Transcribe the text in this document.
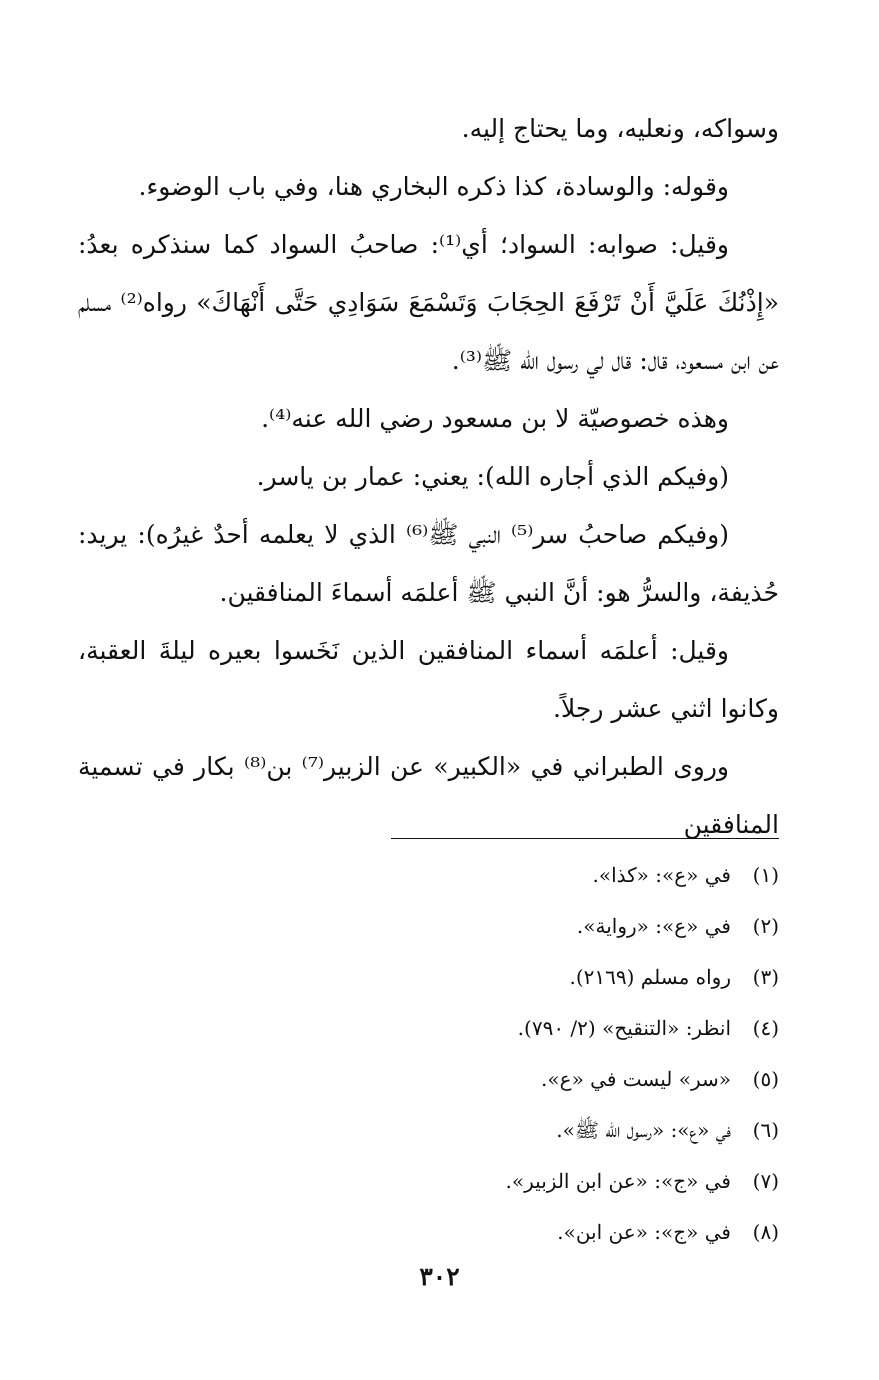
وسواكه، ونعليه، وما يحتاج إليه.

وقوله: والوسادة، كذا ذكره البخاري هنا، وفي باب الوضوء.

وقيل: صوابه: السواد؛ أي⁽¹⁾: صاحبُ السواد كما سنذكره بعدُ: «إِذْنُكَ عَلَيَّ أَنْ تَرْفَعَ الحِجَابَ وَتَسْمَعَ سَوَادِي حَتَّى أَنْهَاكَ» رواه⁽²⁾ مسلم عن ابن مسعود، قال: قال لي رسول الله ﷺ⁽³⁾.

وهذه خصوصيّة لا بن مسعود رضي الله عنه⁽⁴⁾.

(وفيكم الذي أجاره الله): يعني: عمار بن ياسر.

(وفيكم صاحبُ سر⁽⁵⁾ النبي ﷺ⁽⁶⁾ الذي لا يعلمه أحدٌ غيرُه): يريد: حُذيفة، والسرُّ هو: أنَّ النبي ﷺ أعلمَه أسماءَ المنافقين.

وقيل: أعلمَه أسماء المنافقين الذين نَخَسوا بعيره ليلةَ العقبة، وكانوا اثني عشر رجلاً.

وروى الطبراني في «الكبير» عن الزبير⁽⁷⁾ بن⁽⁸⁾ بكار في تسمية المنافقين

(١)
في «ع»: «كذا».
(٢)
في «ع»: «رواية».
(٣)
رواه مسلم (٢١٦٩).
(٤)
انظر: «التنقيح» (٢/ ٧٩٠).
(٥)
«سر» ليست في «ع».
(٦)
في «ع»: «رسول الله ﷺ».
(٧)
في «ج»: «عن ابن الزبير».
(٨)
في «ج»: «عن ابن».
٣٠٢
